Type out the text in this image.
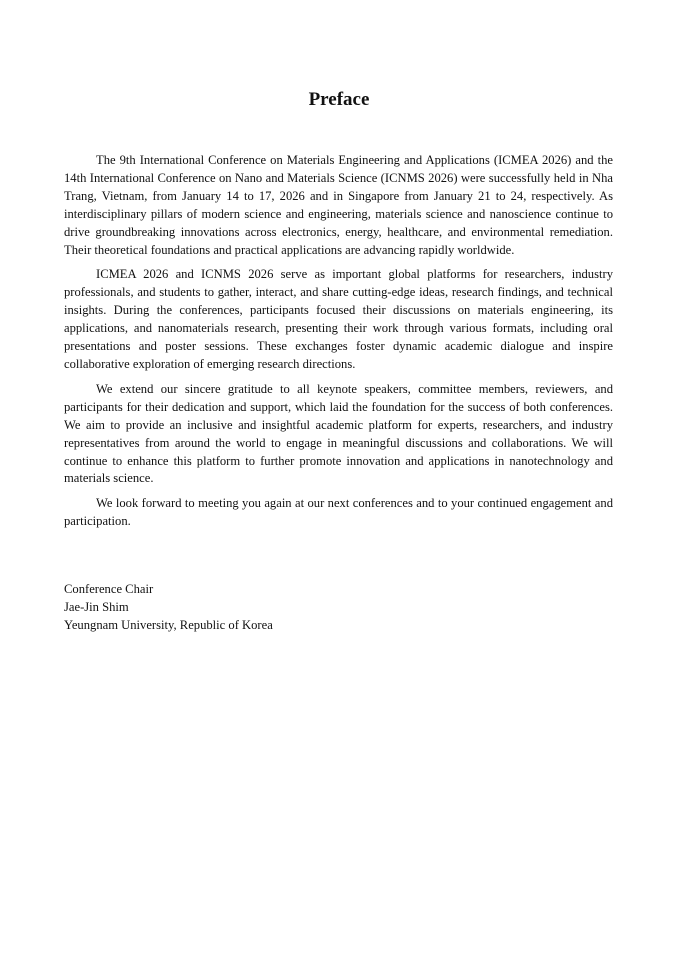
Preface

The 9th International Conference on Materials Engineering and Applications (ICMEA 2026) and the 14th International Conference on Nano and Materials Science (ICNMS 2026) were successfully held in Nha Trang, Vietnam, from January 14 to 17, 2026 and in Singapore from January 21 to 24, respectively. As interdisciplinary pillars of modern science and engineering, materials science and nanoscience continue to drive groundbreaking innovations across electronics, energy, healthcare, and environmental remediation. Their theoretical foundations and practical applications are advancing rapidly worldwide.

ICMEA 2026 and ICNMS 2026 serve as important global platforms for researchers, industry professionals, and students to gather, interact, and share cutting-edge ideas, research findings, and technical insights. During the conferences, participants focused their discussions on materials engineering, its applications, and nanomaterials research, presenting their work through various formats, including oral presentations and poster sessions. These exchanges foster dynamic academic dialogue and inspire collaborative exploration of emerging research directions.

We extend our sincere gratitude to all keynote speakers, committee members, reviewers, and participants for their dedication and support, which laid the foundation for the success of both conferences. We aim to provide an inclusive and insightful academic platform for experts, researchers, and industry representatives from around the world to engage in meaningful discussions and collaborations. We will continue to enhance this platform to further promote innovation and applications in nanotechnology and materials science.

We look forward to meeting you again at our next conferences and to your continued engagement and participation.

Conference Chair
Jae-Jin Shim
Yeungnam University, Republic of Korea
